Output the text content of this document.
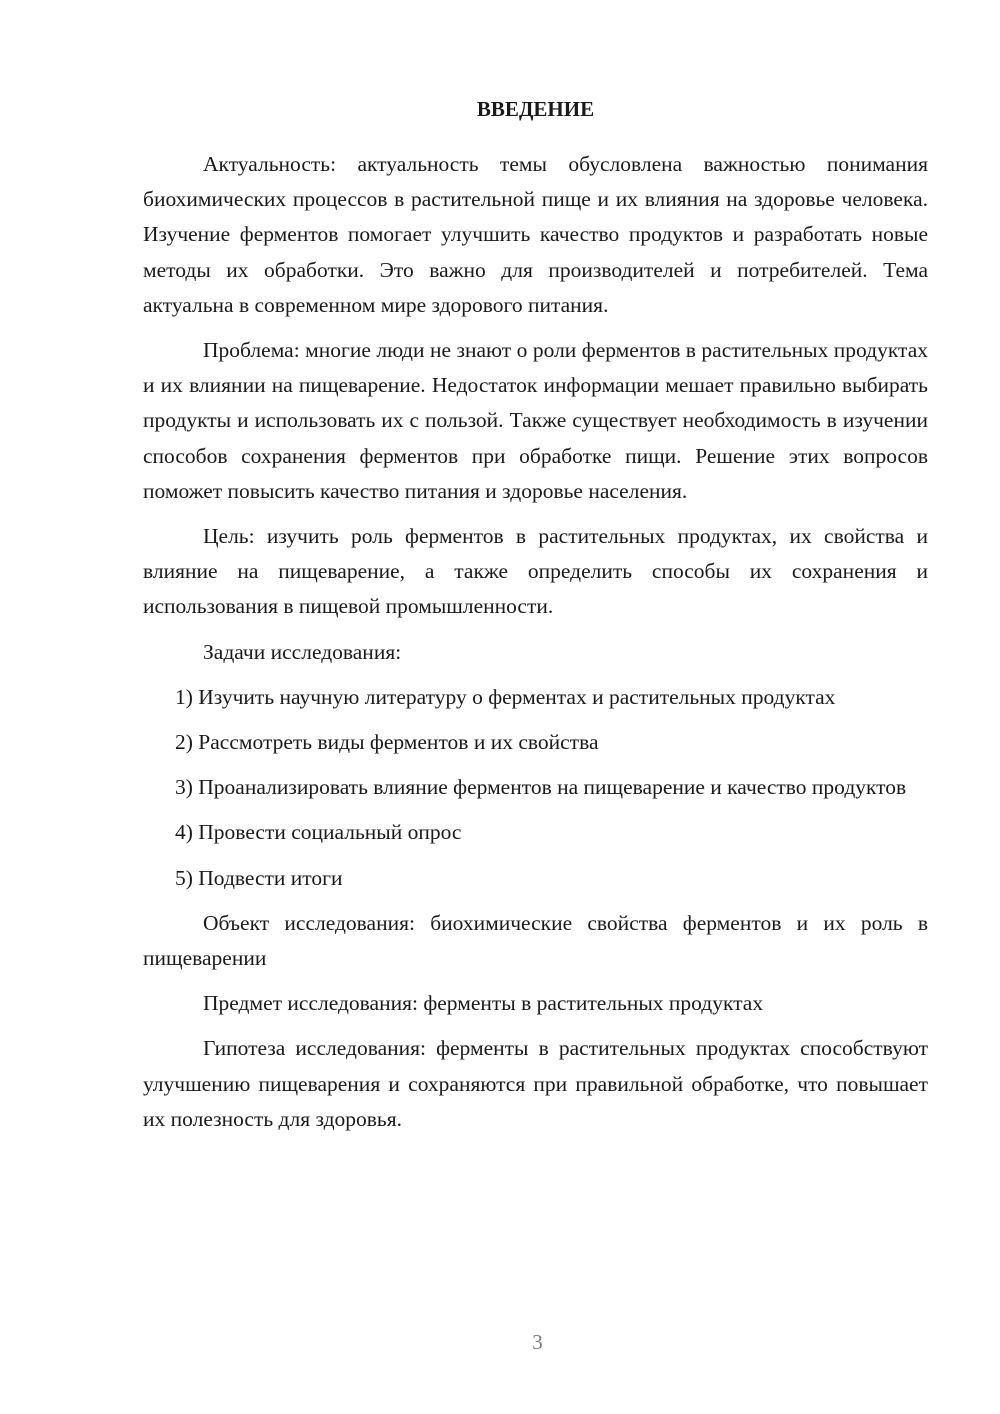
ВВЕДЕНИЕ

Актуальность: актуальность темы обусловлена важностью понимания биохимических процессов в растительной пище и их влияния на здоровье человека. Изучение ферментов помогает улучшить качество продуктов и разработать новые методы их обработки. Это важно для производителей и потребителей. Тема актуальна в современном мире здорового питания.

Проблема: многие люди не знают о роли ферментов в растительных продуктах и их влиянии на пищеварение. Недостаток информации мешает правильно выбирать продукты и использовать их с пользой. Также существует необходимость в изучении способов сохранения ферментов при обработке пищи. Решение этих вопросов поможет повысить качество питания и здоровье населения.

Цель: изучить роль ферментов в растительных продуктах, их свойства и влияние на пищеварение, а также определить способы их сохранения и использования в пищевой промышленности.

Задачи исследования:

1) Изучить научную литературу о ферментах и растительных продуктах

2) Рассмотреть виды ферментов и их свойства

3) Проанализировать влияние ферментов на пищеварение и качество продуктов

4) Провести социальный опрос

5) Подвести итоги

Объект исследования: биохимические свойства ферментов и их роль в пищеварении

Предмет исследования: ферменты в растительных продуктах

Гипотеза исследования: ферменты в растительных продуктах способствуют улучшению пищеварения и сохраняются при правильной обработке, что повышает их полезность для здоровья.

3
